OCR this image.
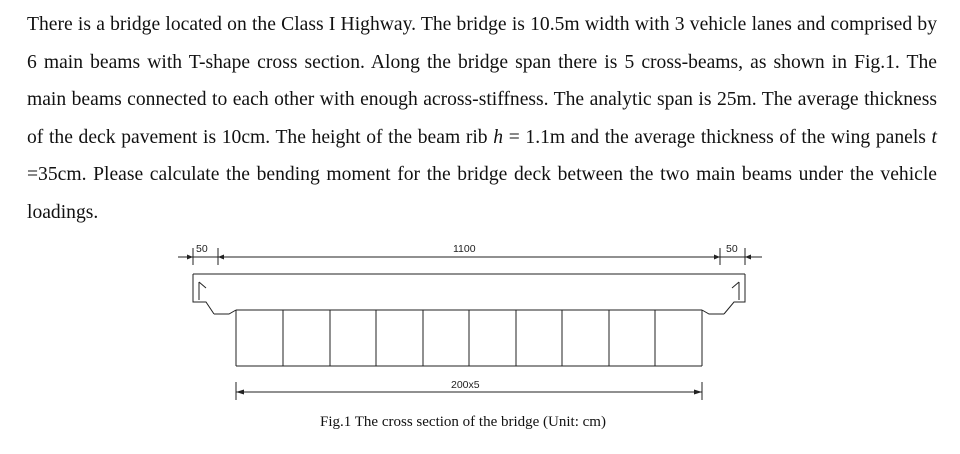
There is a bridge located on the Class I Highway. The bridge is 10.5m width with 3 vehicle lanes and comprised by 6 main beams with T-shape cross section. Along the bridge span there is 5 cross-beams, as shown in Fig.1. The main beams connected to each other with enough across-stiffness. The analytic span is 25m. The average thickness of the deck pavement is 10cm. The height of the beam rib h = 1.1m and the average thickness of the wing panels t =35cm. Please calculate the bending moment for the bridge deck between the two main beams under the vehicle loadings.

50	1100	50
200x5
Fig.1 The cross section of the bridge (Unit: cm)
